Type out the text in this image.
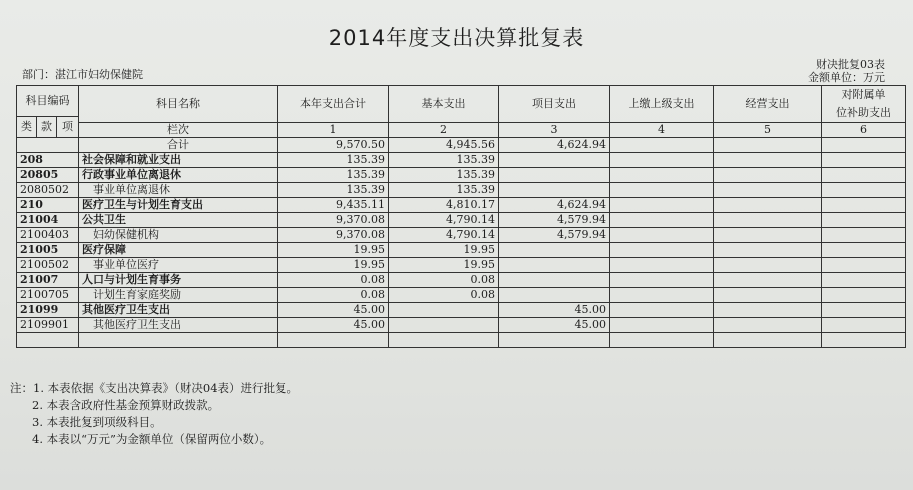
2014年度支出决算批复表
部门：湛江市妇幼保健院
财决批复03表
金额单位：万元
科目编码			科目名称	本年支出合计	基本支出	项目支出	上缴上级支出	经营支出	对附属单
位补助支出

类	款	项							
			栏次	1	2	3	4	5	6
			合计	9,570.50	4,945.56	4,624.94			
208			社会保障和就业支出	135.39	135.39				
20805			行政事业单位离退休	135.39	135.39				
2080502			事业单位离退休	135.39	135.39				
210			医疗卫生与计划生育支出	9,435.11	4,810.17	4,624.94			
21004			公共卫生	9,370.08	4,790.14	4,579.94			
2100403			妇幼保健机构	9,370.08	4,790.14	4,579.94			
21005			医疗保障	19.95	19.95				
2100502			事业单位医疗	19.95	19.95				
21007			人口与计划生育事务	0.08	0.08				
2100705			计划生育家庭奖励	0.08	0.08				
21099			其他医疗卫生支出	45.00		45.00			
2109901			其他医疗卫生支出	45.00		45.00			

注：1. 本表依据《支出决算表》（财决04表）进行批复。
2. 本表含政府性基金预算财政拨款。
3. 本表批复到项级科目。
4. 本表以“万元”为金额单位（保留两位小数）。
